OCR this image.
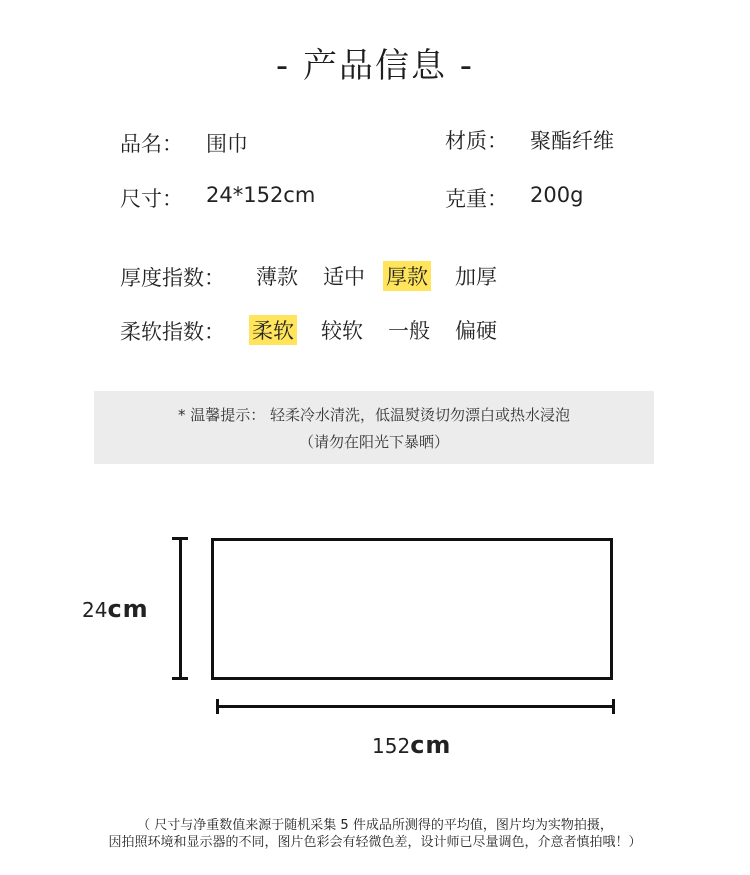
- 产品信息 -
品名： 围巾	材质： 聚酯纤维
尺寸： 24*152cm	克重： 200g
厚度指数： 薄款 适中 厚款 加厚
柔软指数： 柔软 较软 一般 偏硬
* 温馨提示： 轻柔冷水清洗，低温熨烫切勿漂白或热水浸泡
（请勿在阳光下暴晒）
24cm
152cm
（ 尺寸与净重数值来源于随机采集 5 件成品所测得的平均值，图片均为实物拍摄，
因拍照环境和显示器的不同，图片色彩会有轻微色差，设计师已尽量调色，介意者慎拍哦！）
